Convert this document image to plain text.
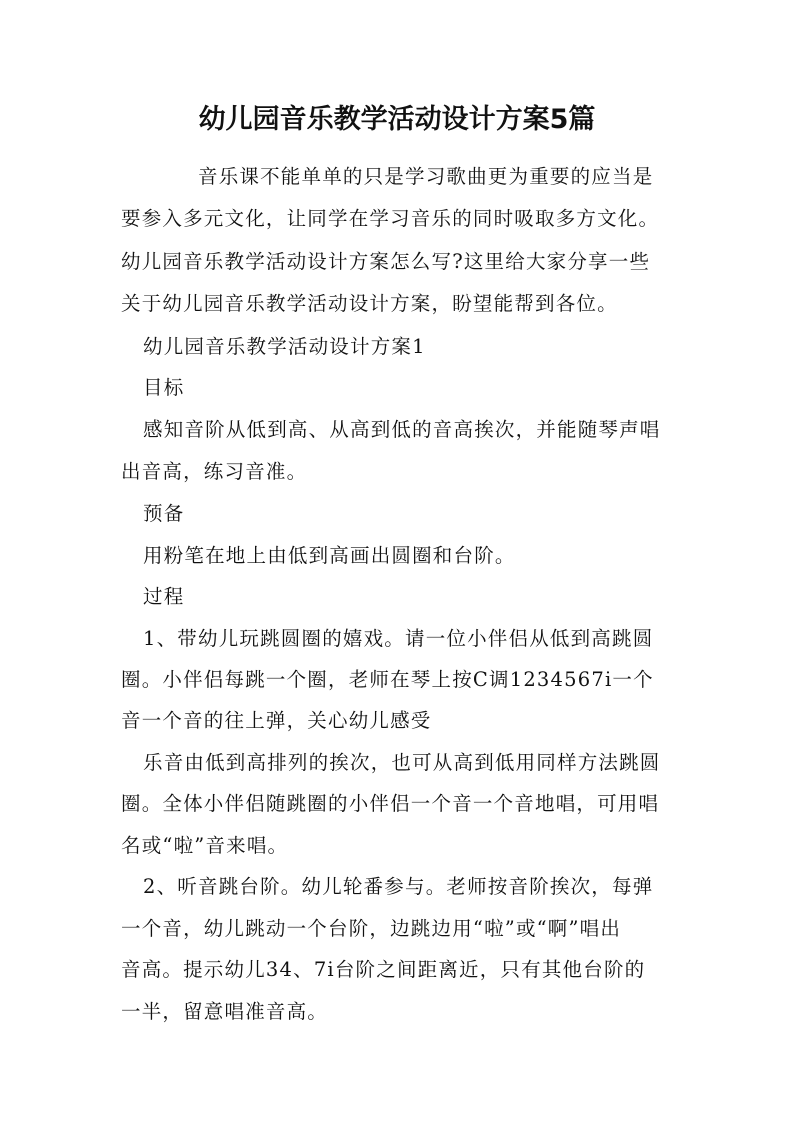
幼儿园音乐教学活动设计方案5篇
音乐课不能单单的只是学习歌曲更为重要的应当是
要参入多元文化，让同学在学习音乐的同时吸取多方文化。
幼儿园音乐教学活动设计方案怎么写?这里给大家分享一些
关于幼儿园音乐教学活动设计方案，盼望能帮到各位。
幼儿园音乐教学活动设计方案1
目标
感知音阶从低到高、从高到低的音高挨次，并能随琴声唱
出音高，练习音准。
预备
用粉笔在地上由低到高画出圆圈和台阶。
过程
1、带幼儿玩跳圆圈的嬉戏。请一位小伴侣从低到高跳圆
圈。小伴侣每跳一个圈，老师在琴上按C调1234567i一个
音一个音的往上弹，关心幼儿感受
乐音由低到高排列的挨次，也可从高到低用同样方法跳圆
圈。全体小伴侣随跳圈的小伴侣一个音一个音地唱，可用唱
名或“啦”音来唱。
2、听音跳台阶。幼儿轮番参与。老师按音阶挨次，每弹
一个音，幼儿跳动一个台阶，边跳边用“啦”或“啊”唱出
音高。提示幼儿34、7i台阶之间距离近，只有其他台阶的
一半，留意唱准音高。
